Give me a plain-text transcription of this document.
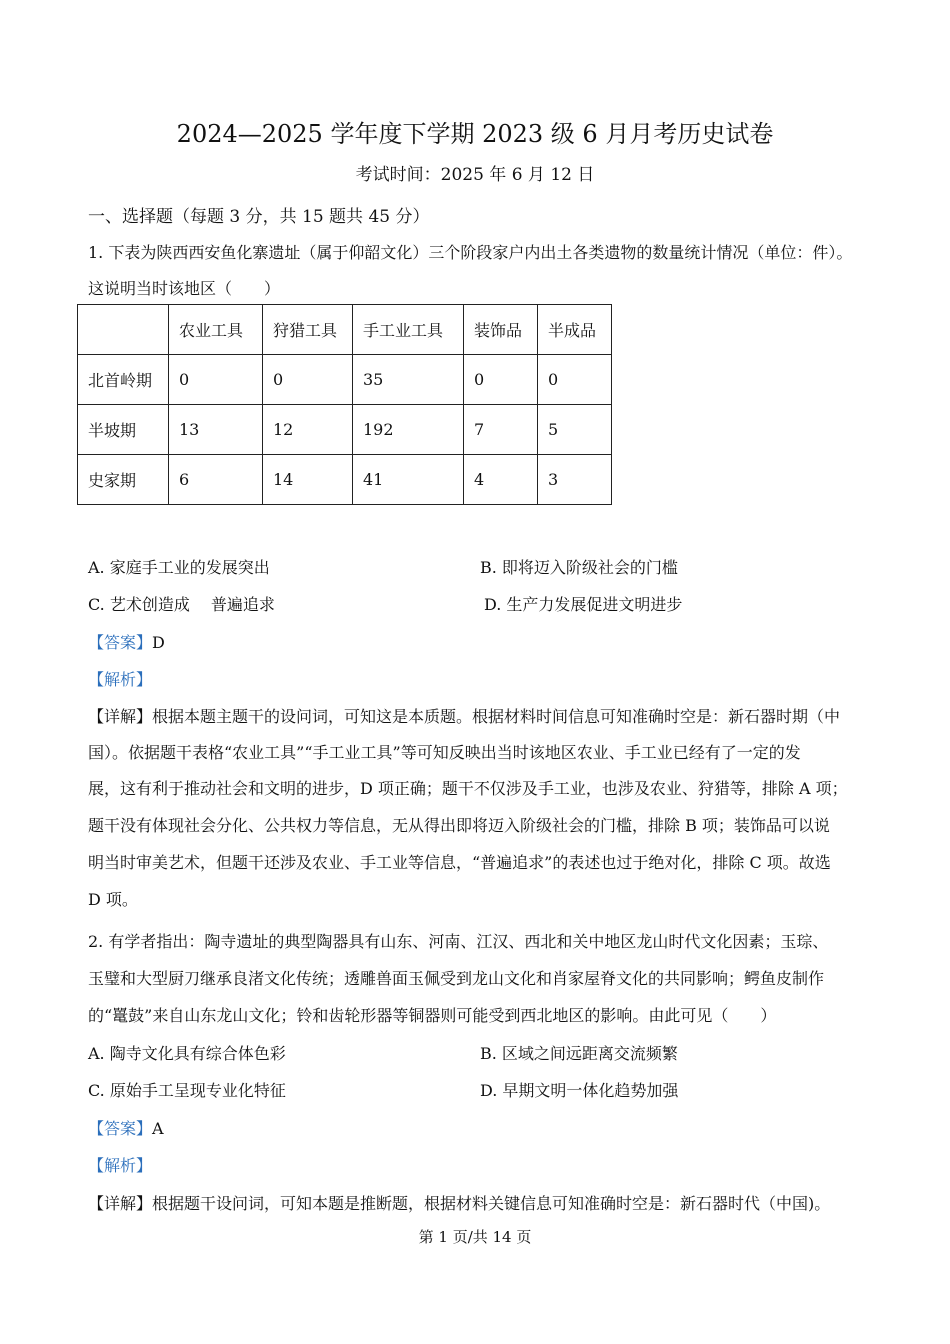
2024—2025 学年度下学期 2023 级 6 月月考历史试卷
考试时间：2025 年 6 月 12 日
一、选择题（每题 3 分，共 15 题共 45 分）
1. 下表为陕西西安鱼化寨遗址（属于仰韶文化）三个阶段家户内出土各类遗物的数量统计情况（单位：件）。
这说明当时该地区（　　）
	农业工具	狩猎工具	手工业工具	装饰品	半成品
北首岭期	0	0	35	0	0
半坡期	13	12	192	7	5
史家期	6	14	41	4	3
A. 家庭手工业的发展突出	B. 即将迈入阶级社会的门槛
C. 艺术创造成　 普遍追求	D. 生产力发展促进文明进步
【答案】D
【解析】
【详解】根据本题主题干的设问词，可知这是本质题。根据材料时间信息可知准确时空是：新石器时期（中
国）。依据题干表格“农业工具”“手工业工具”等可知反映出当时该地区农业、手工业已经有了一定的发
展，这有利于推动社会和文明的进步，D 项正确；题干不仅涉及手工业，也涉及农业、狩猎等，排除 A 项；
题干没有体现社会分化、公共权力等信息，无从得出即将迈入阶级社会的门槛，排除 B 项；装饰品可以说
明当时审美艺术，但题干还涉及农业、手工业等信息，“普遍追求”的表述也过于绝对化，排除 C 项。故选
D 项。
2. 有学者指出：陶寺遗址的典型陶器具有山东、河南、江汉、西北和关中地区龙山时代文化因素；玉琮、
玉璧和大型厨刀继承良渚文化传统；透雕兽面玉佩受到龙山文化和肖家屋脊文化的共同影响；鳄鱼皮制作
的“鼍鼓”来自山东龙山文化；铃和齿轮形器等铜器则可能受到西北地区的影响。由此可见（　　）
A. 陶寺文化具有综合体色彩	B. 区域之间远距离交流频繁
C. 原始手工呈现专业化特征	D. 早期文明一体化趋势加强
【答案】A
【解析】
【详解】根据题干设问词，可知本题是推断题，根据材料关键信息可知准确时空是：新石器时代（中国)。
第 1 页/共 14 页
